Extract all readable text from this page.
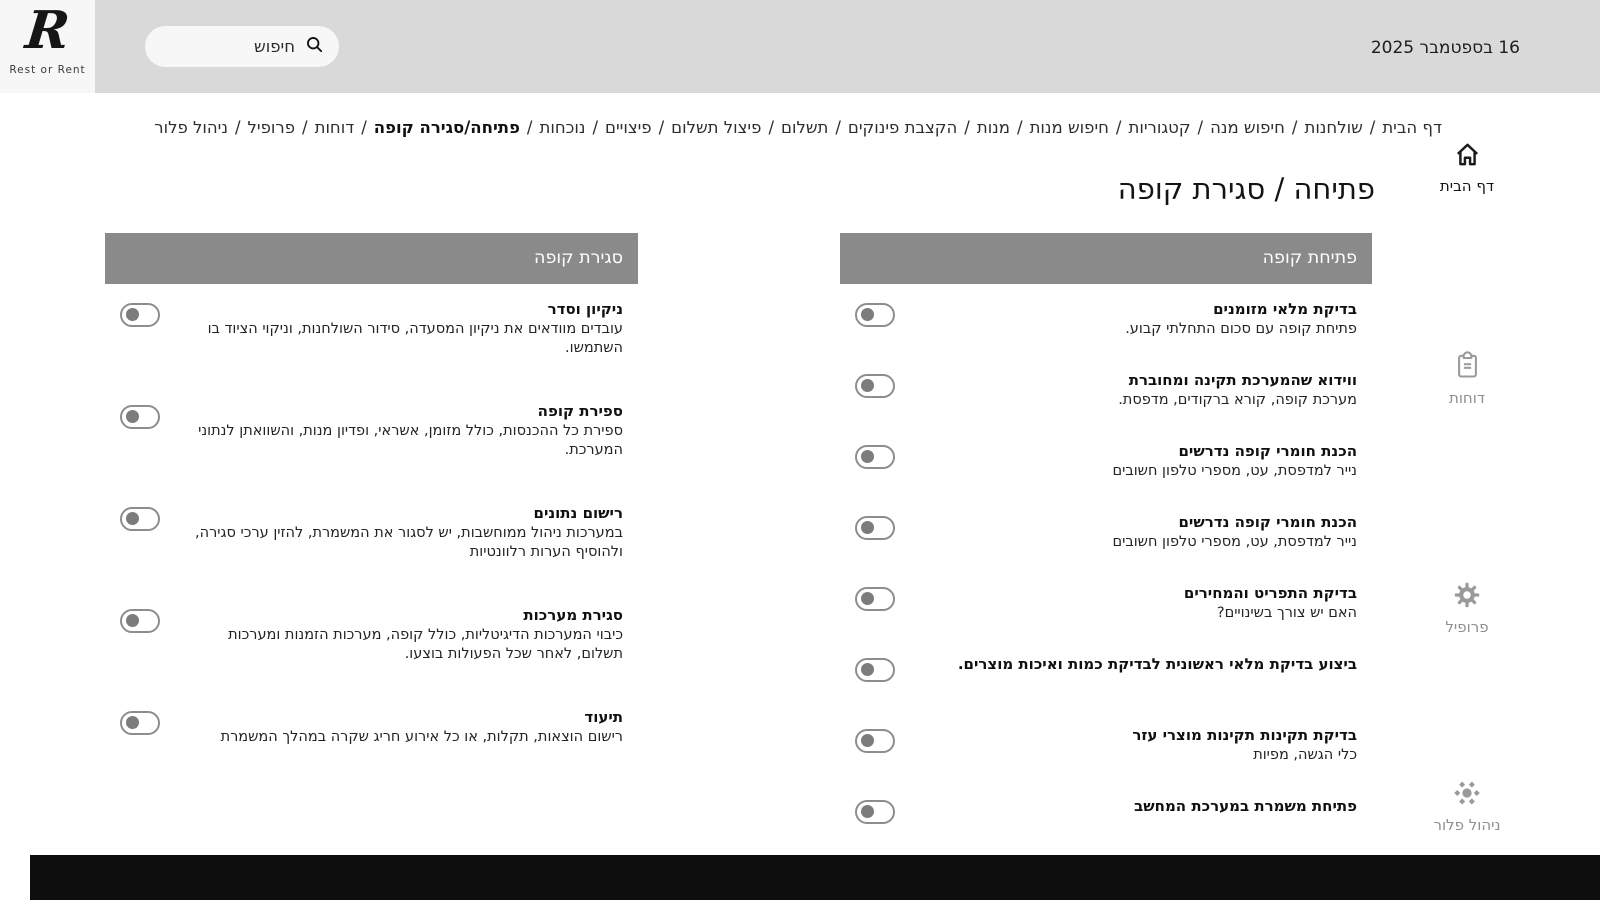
R
Rest or Rent
חיפוש
16 בספטמבר 2025
דף הבית/שולחנות/חיפוש מנה/קטגוריות/חיפוש מנות/מנות/הקצבת פינוקים/תשלום/פיצול תשלום/פיצויים/נוכחות/פתיחה/סגירה קופה/דוחות/פרופיל/ניהול פלור
דף הבית
פתיחה / סגירת קופה
פתיחת קופה
בדיקת מלאי מזומנים
פתיחת קופה עם סכום התחלתי קבוע.
ווידוא שהמערכת תקינה ומחוברת
מערכת קופה, קורא ברקודים, מדפסת.
הכנת חומרי קופה נדרשים
נייר למדפסת, עט, מספרי טלפון חשובים
הכנת חומרי קופה נדרשים
נייר למדפסת, עט, מספרי טלפון חשובים
בדיקת התפריט והמחירים
האם יש צורך בשינויים?
ביצוע בדיקת מלאי ראשונית לבדיקת כמות ואיכות מוצרים.
בדיקת תקינות תקינות מוצרי עזר
כלי הגשה, מפיות
פתיחת משמרת במערכת המחשב
סגירת קופה
ניקיון וסדר
עובדים מוודאים את ניקיון המסעדה, סידור השולחנות, וניקוי הציוד בו השתמשו.
ספירת קופה
ספירת כל ההכנסות, כולל מזומן, אשראי, ופדיון מנות, והשוואתן לנתוני המערכת.
רישום נתונים
במערכות ניהול ממוחשבות, יש לסגור את המשמרת, להזין ערכי סגירה, ולהוסיף הערות רלוונטיות
סגירת מערכות
כיבוי המערכות הדיגיטליות, כולל קופה, מערכות הזמנות ומערכות תשלום, לאחר שכל הפעולות בוצעו.
תיעוד
רישום הוצאות, תקלות, או כל אירוע חריג שקרה במהלך המשמרת
דוחות
פרופיל
ניהול פלור
